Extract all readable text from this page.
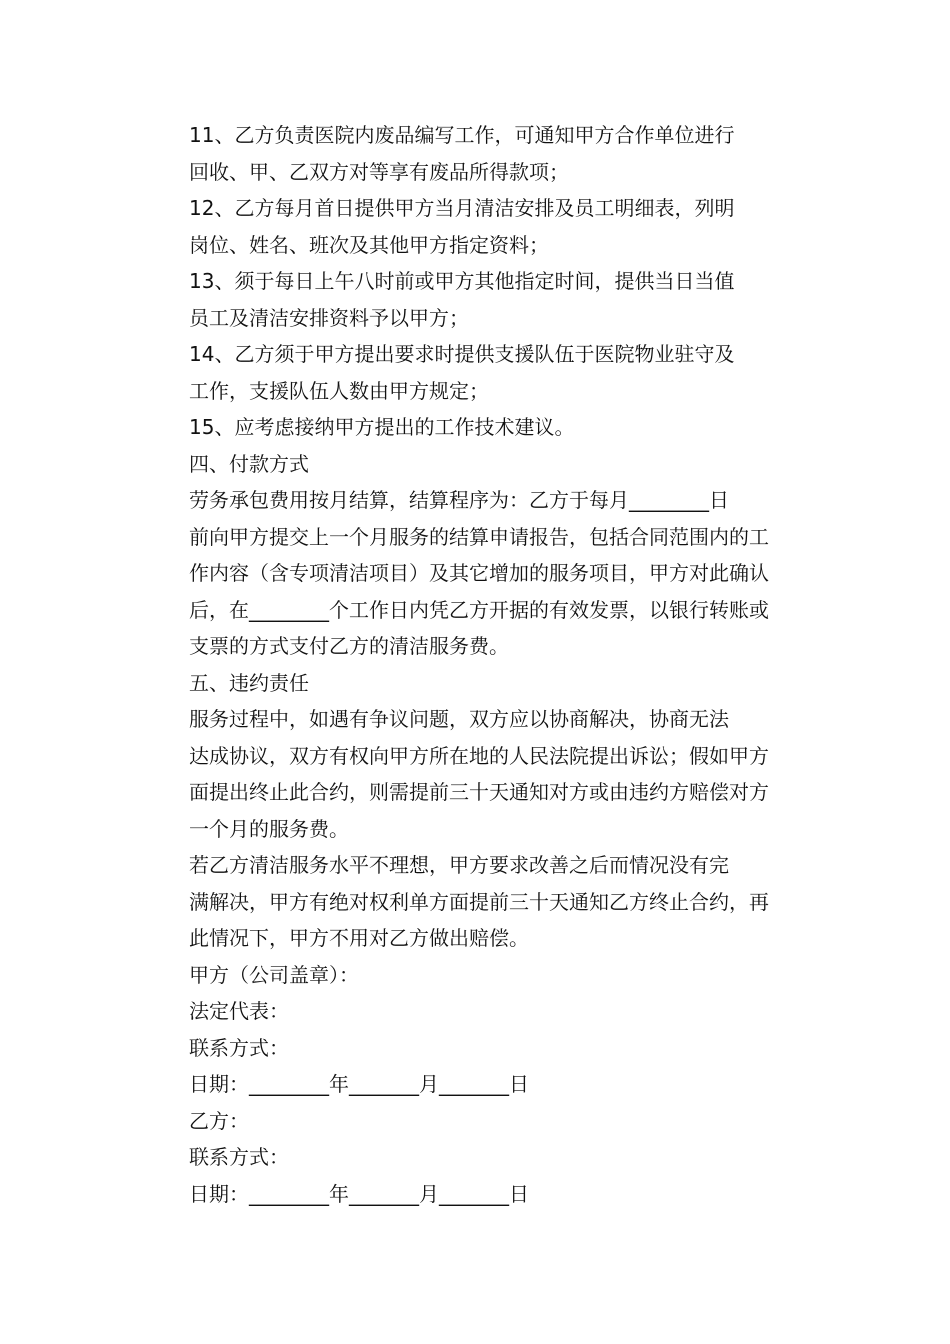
11、乙方负责医院内废品编写工作，可通知甲方合作单位进行
回收、甲、乙双方对等享有废品所得款项；

12、乙方每月首日提供甲方当月清洁安排及员工明细表，列明
岗位、姓名、班次及其他甲方指定资料；

13、须于每日上午八时前或甲方其他指定时间，提供当日当值
员工及清洁安排资料予以甲方；

14、乙方须于甲方提出要求时提供支援队伍于医院物业驻守及
工作，支援队伍人数由甲方规定；

15、应考虑接纳甲方提出的工作技术建议。

四、付款方式

劳务承包费用按月结算，结算程序为：乙方于每月________日
前向甲方提交上一个月服务的结算申请报告，包括合同范围内的工
作内容（含专项清洁项目）及其它增加的服务项目，甲方对此确认
后，在________个工作日内凭乙方开据的有效发票，以银行转账或
支票的方式支付乙方的清洁服务费。

五、违约责任

服务过程中，如遇有争议问题，双方应以协商解决，协商无法
达成协议，双方有权向甲方所在地的人民法院提出诉讼；假如甲方
面提出终止此合约，则需提前三十天通知对方或由违约方赔偿对方
一个月的服务费。

若乙方清洁服务水平不理想，甲方要求改善之后而情况没有完
满解决，甲方有绝对权利单方面提前三十天通知乙方终止合约，再
此情况下，甲方不用对乙方做出赔偿。

甲方（公司盖章）：

法定代表：

联系方式：

日期：________年_______月_______日

乙方：

联系方式：

日期：________年_______月_______日
